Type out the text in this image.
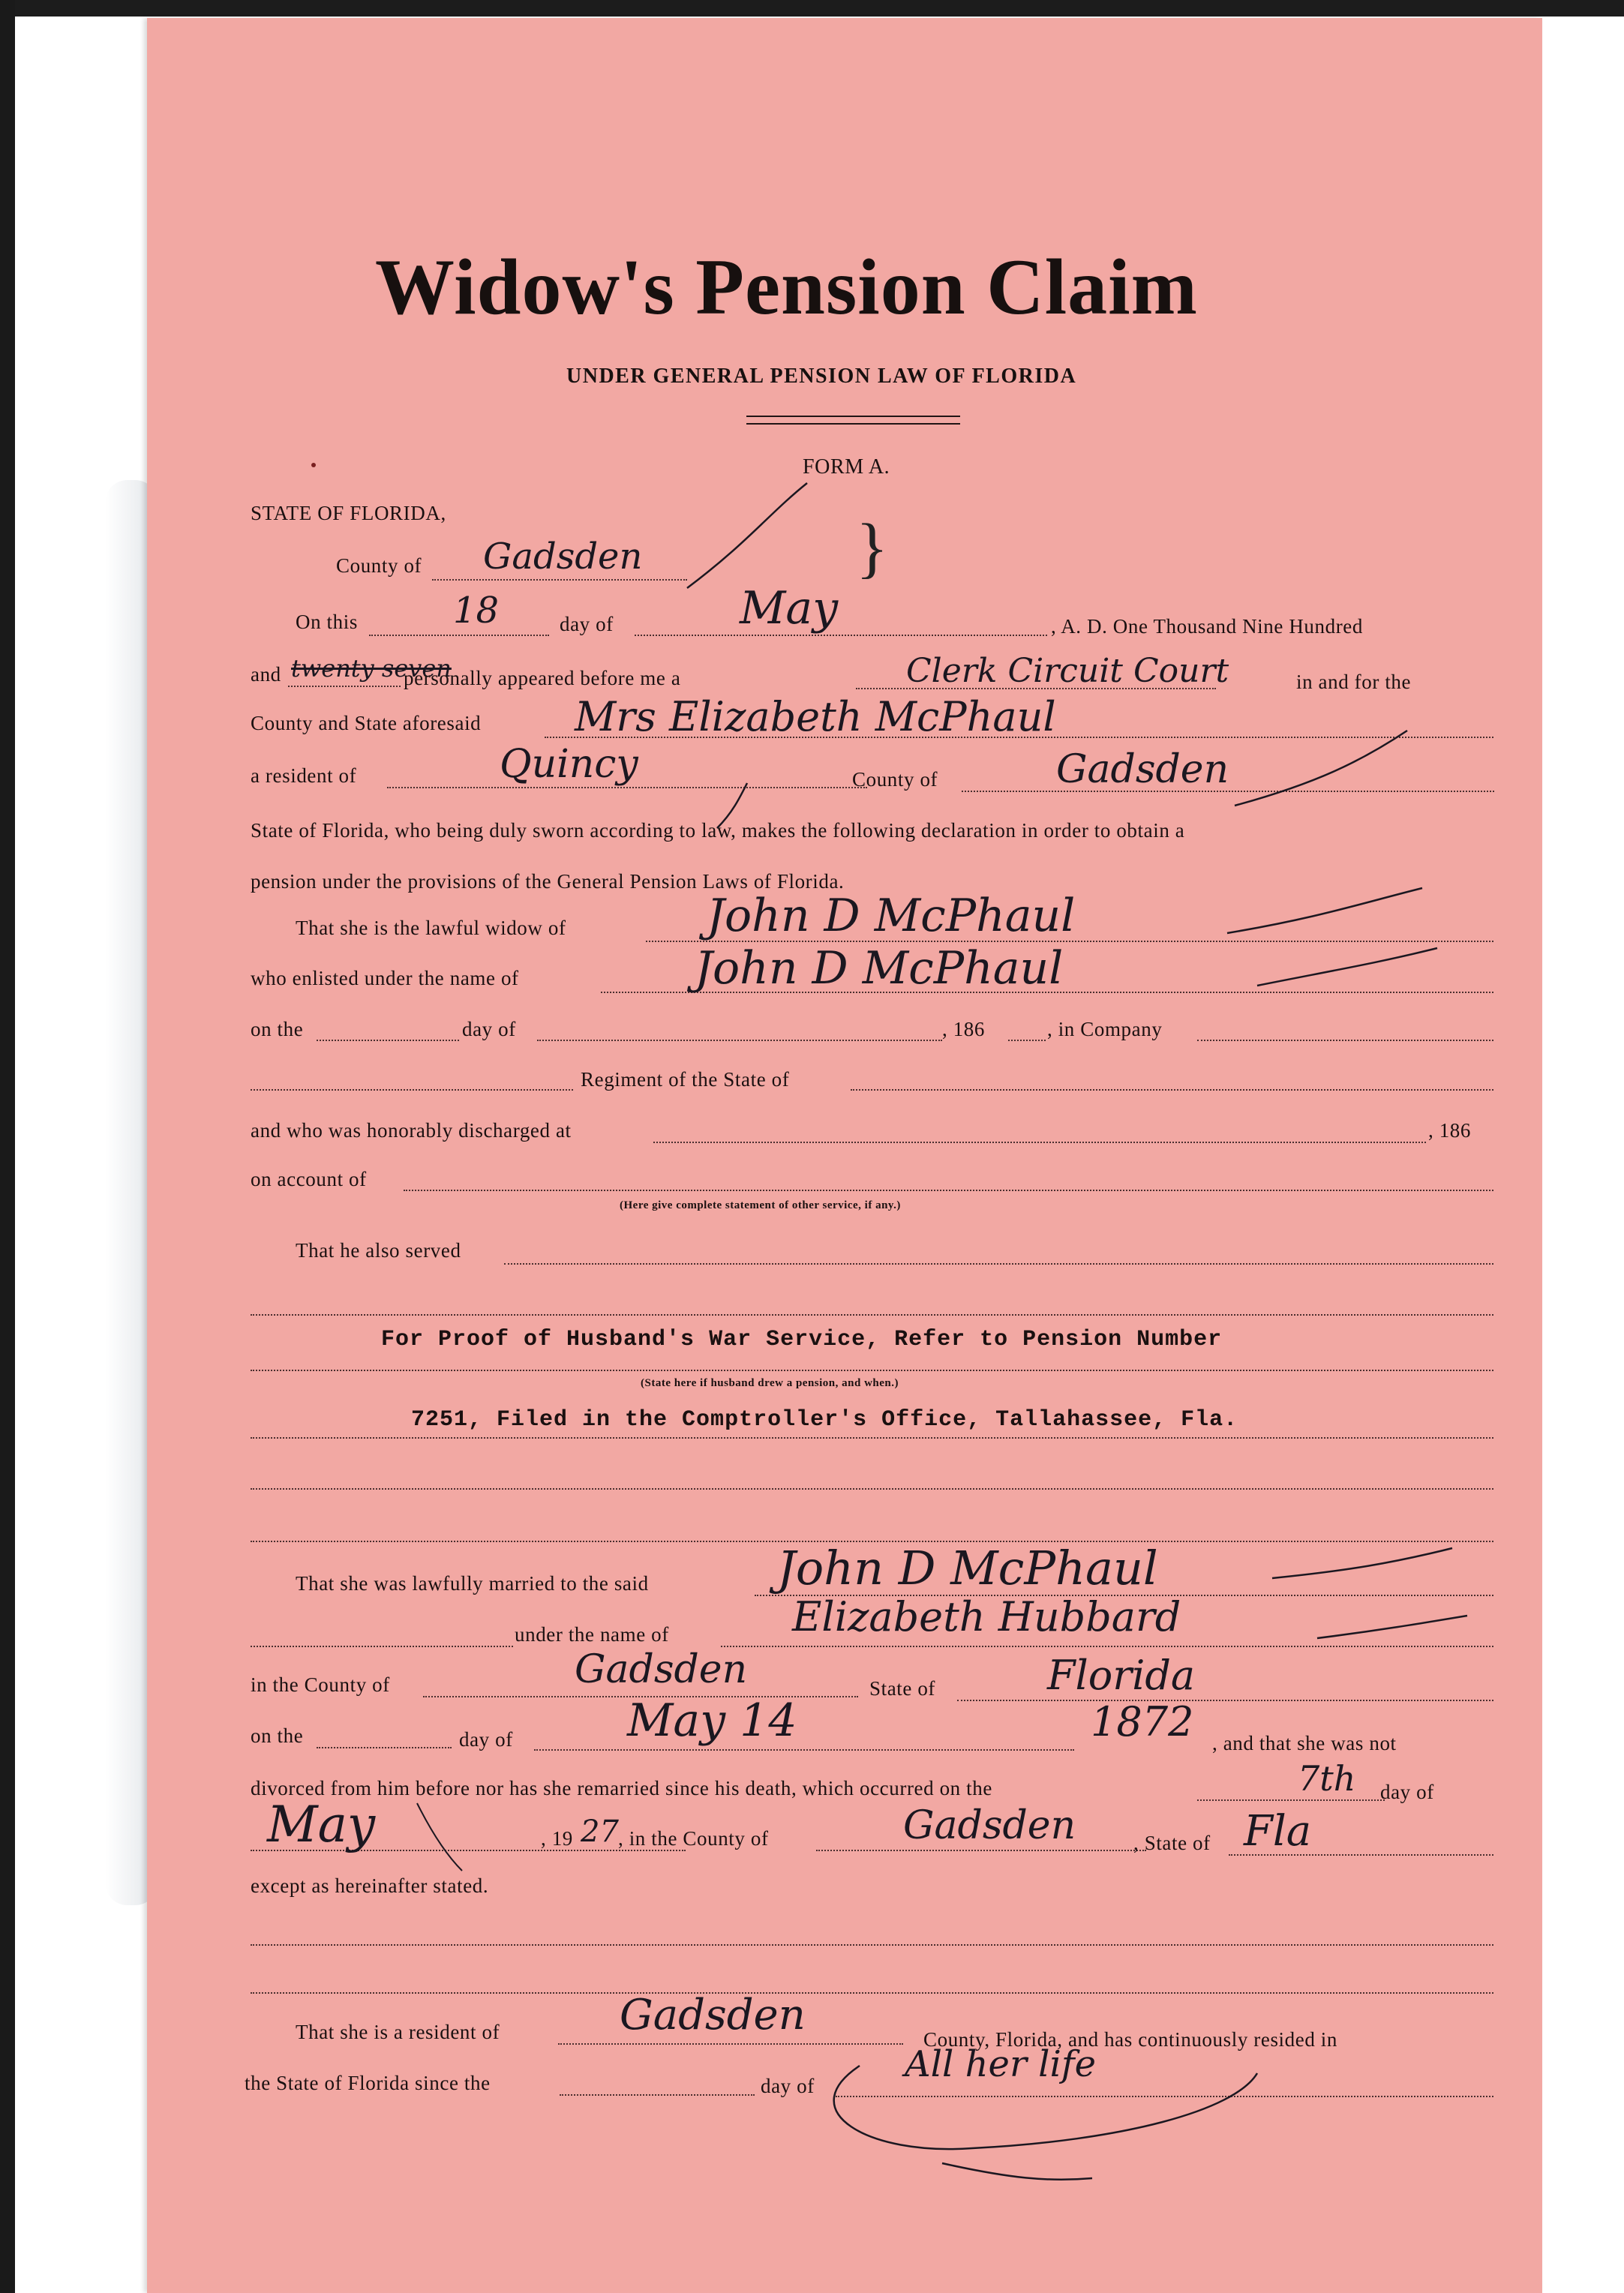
Widow's Pension Claim
UNDER GENERAL PENSION LAW OF FLORIDA
FORM A.
STATE OF FLORIDA,
County of Gadsden	}
On this	18	day of	May	, A. D. One Thousand Nine Hundred
and twenty seven
personally appeared before me a	Clerk Circuit Court	in and for the
County and State aforesaid Mrs Elizabeth McPhaul
a resident of	Quincy	County of	Gadsden
State of Florida, who being duly sworn according to law, makes the following declaration in order to obtain a
pension under the provisions of the General Pension Laws of Florida.
That she is the lawful widow of	John D McPhaul
who enlisted under the name of	John D McPhaul
on the	day of	, 186	, in Company
Regiment of the State of
and who was honorably discharged at	, 186
on account of
(Here give complete statement of other service, if any.)
That he also served
For Proof of Husband's War Service, Refer to Pension Number
(State here if husband drew a pension, and when.)
7251, Filed in the Comptroller's Office, Tallahassee, Fla.
That she was lawfully married to the said	John D McPhaul
under the name of	Elizabeth Hubbard
in the County of	Gadsden	State of	Florida
on the	day of	May 14	1872 , and that she was not
divorced from him before nor has she remarried since his death, which occurred on the	7th day of
May	, 19 27 , in the County of	Gadsden	, State of Fla
except as hereinafter stated.
That she is a resident of	Gadsden	County, Florida, and has continuously resided in
the State of Florida since the	day of
All her life
